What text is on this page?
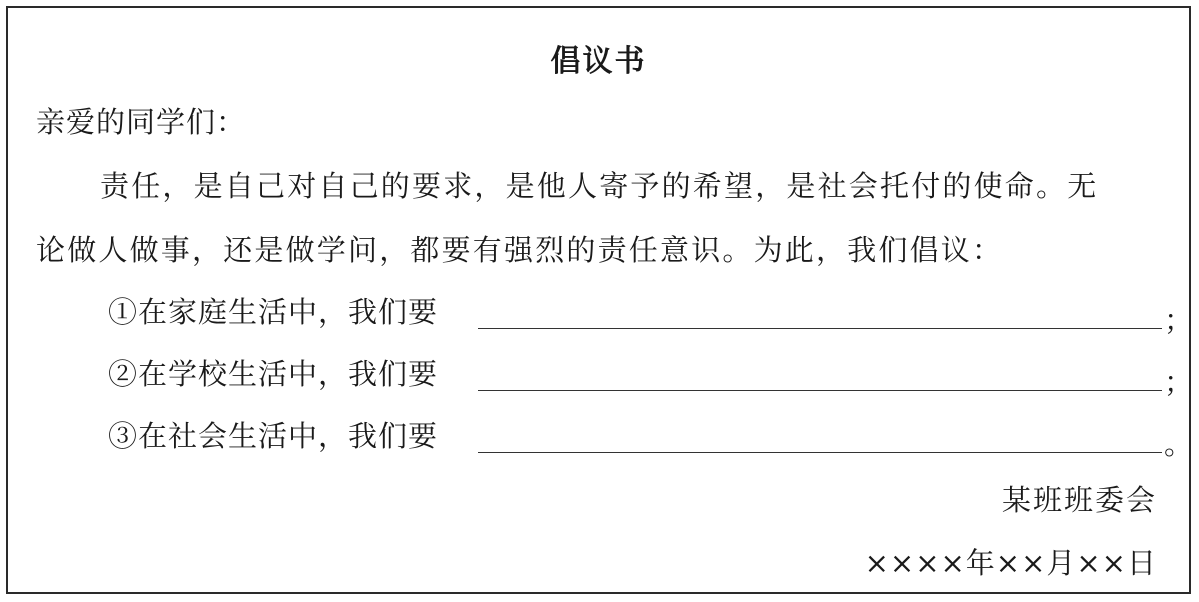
倡议书
亲爱的同学们：
责任，是自己对自己的要求，是他人寄予的希望，是社会托付的使命。无
论做人做事，还是做学问，都要有强烈的责任意识。为此，我们倡议：
①在家庭生活中，我们要	；
②在学校生活中，我们要	；
③在社会生活中，我们要	。
某班班委会
××××年××月××日
